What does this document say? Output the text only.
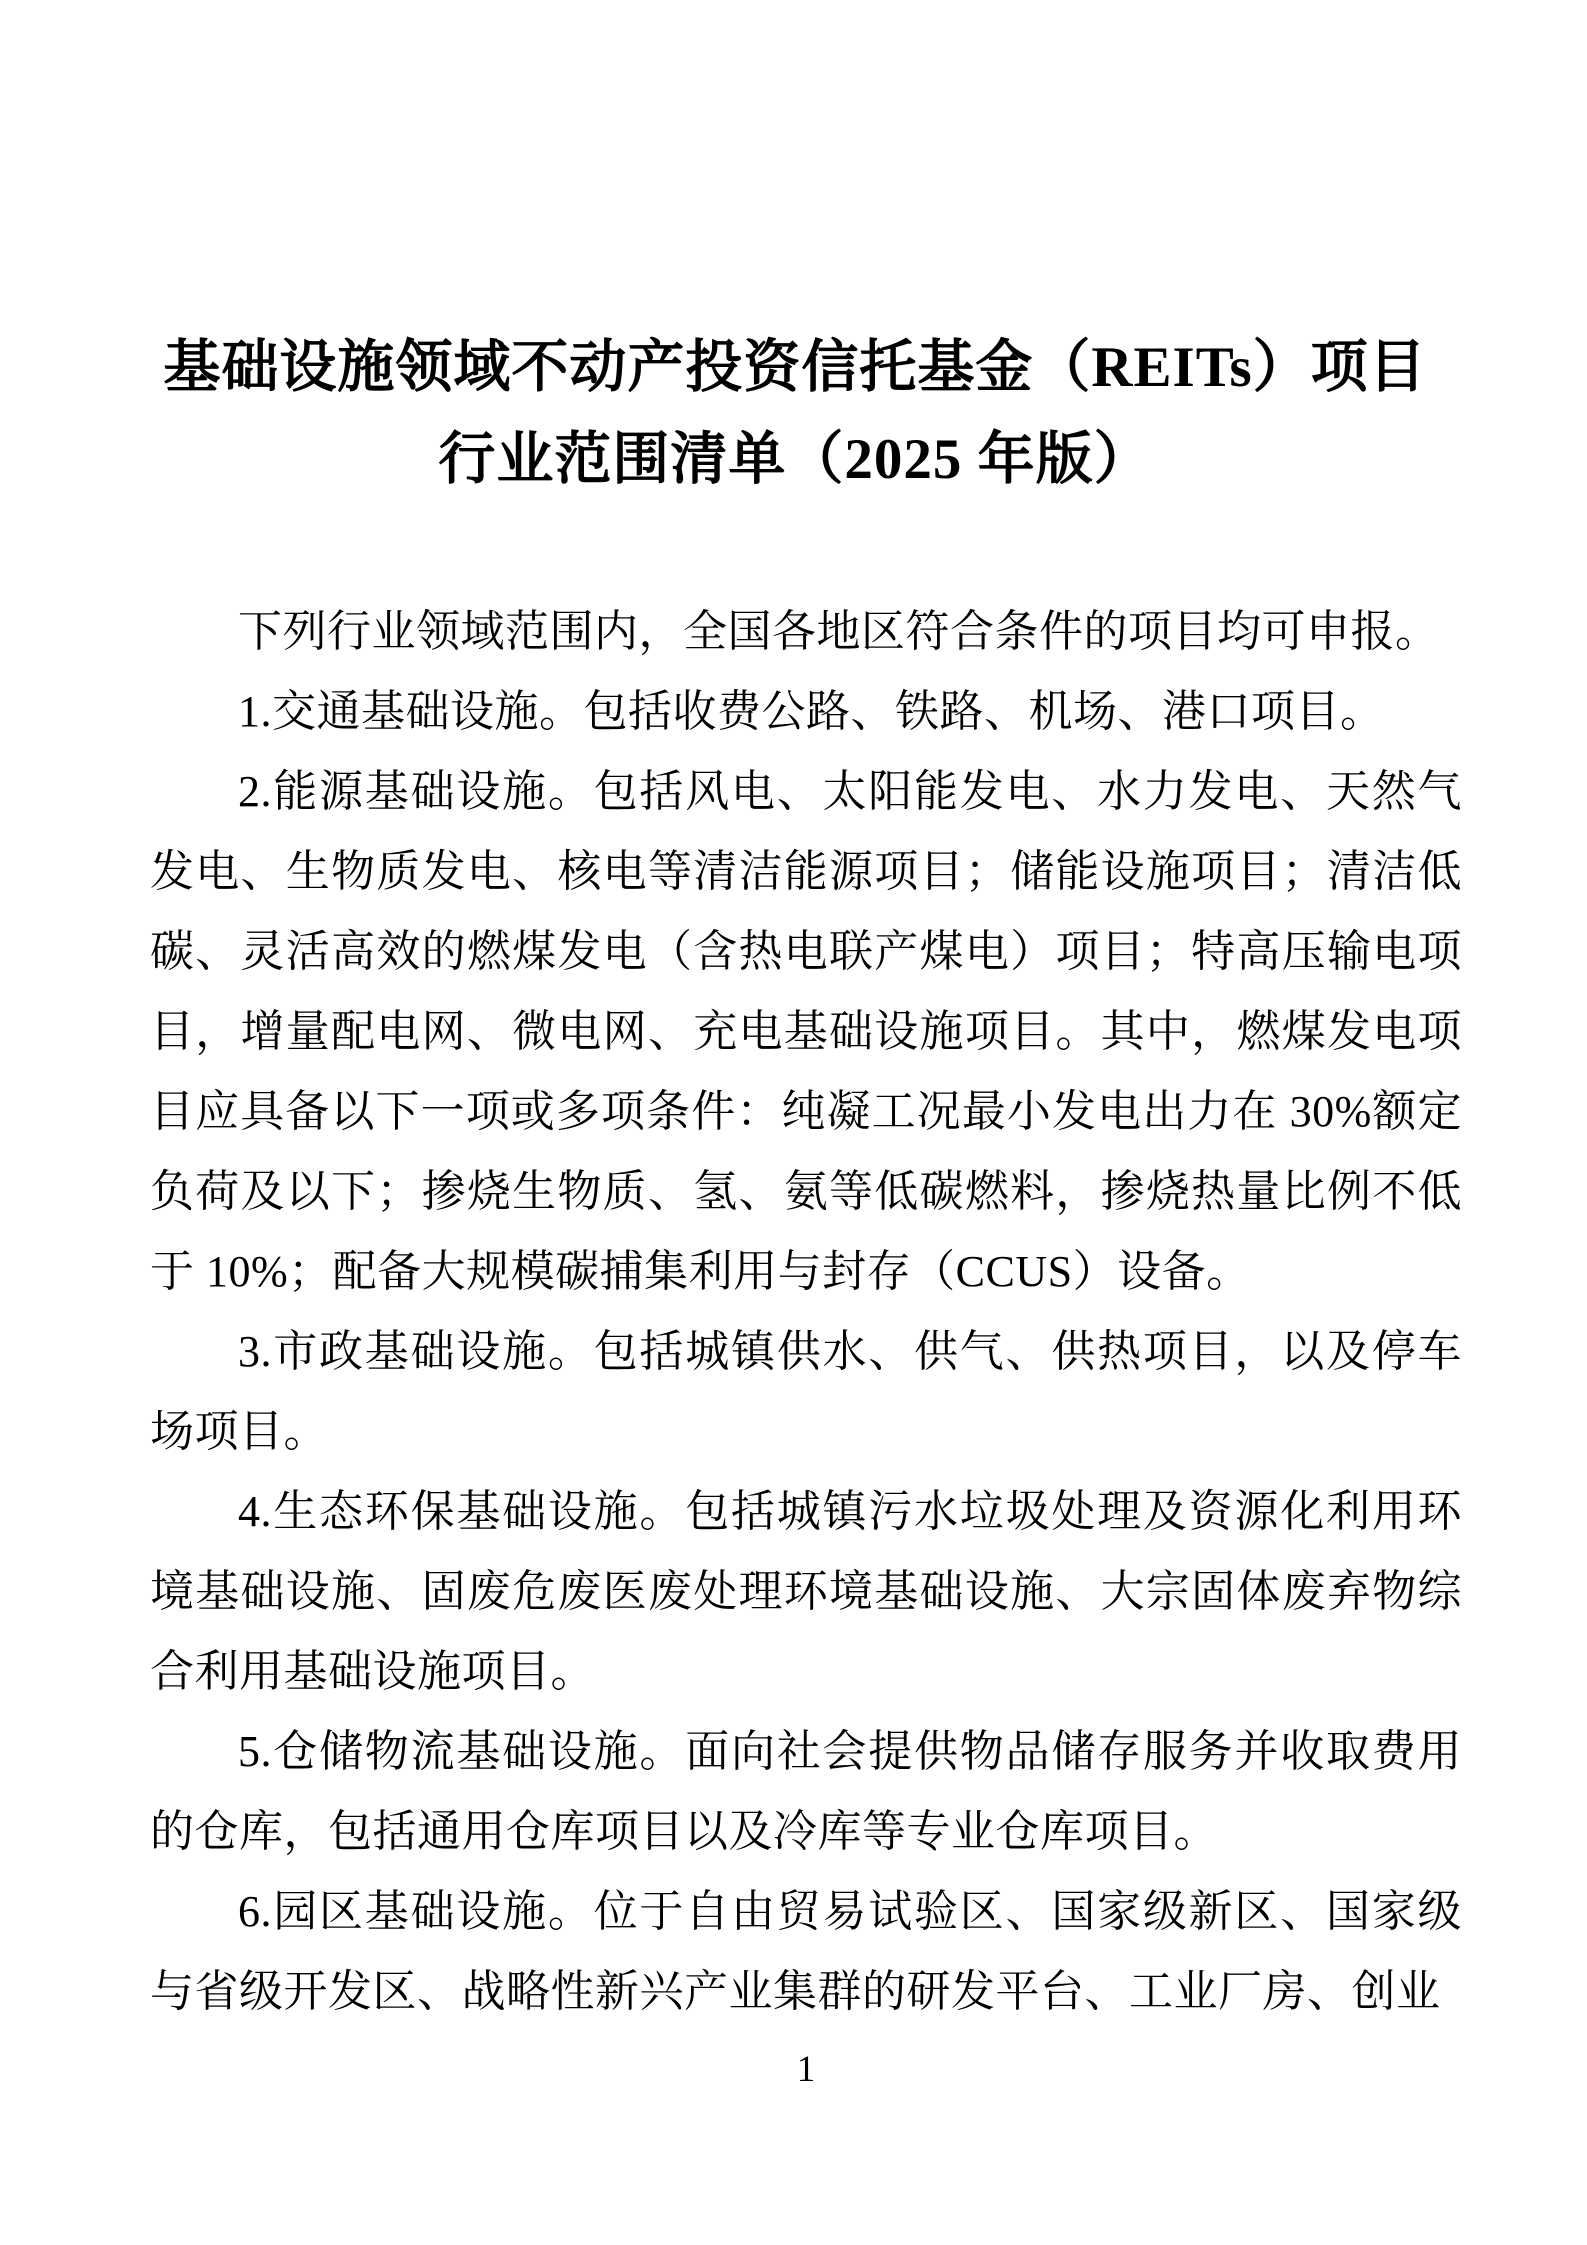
基础设施领域不动产投资信托基金（REITs）项目
行业范围清单（2025 年版）

下列行业领域范围内，全国各地区符合条件的项目均可申报。

1.交通基础设施。包括收费公路、铁路、机场、港口项目。

2.能源基础设施。包括风电、太阳能发电、水力发电、天然气发电、生物质发电、核电等清洁能源项目；储能设施项目；清洁低碳、灵活高效的燃煤发电（含热电联产煤电）项目；特高压输电项目，增量配电网、微电网、充电基础设施项目。其中，燃煤发电项目应具备以下一项或多项条件：纯凝工况最小发电出力在 30%额定负荷及以下；掺烧生物质、氢、氨等低碳燃料，掺烧热量比例不低于 10%；配备大规模碳捕集利用与封存（CCUS）设备。

3.市政基础设施。包括城镇供水、供气、供热项目，以及停车场项目。

4.生态环保基础设施。包括城镇污水垃圾处理及资源化利用环境基础设施、固废危废医废处理环境基础设施、大宗固体废弃物综合利用基础设施项目。

5.仓储物流基础设施。面向社会提供物品储存服务并收取费用的仓库，包括通用仓库项目以及冷库等专业仓库项目。

6.园区基础设施。位于自由贸易试验区、国家级新区、国家级与省级开发区、战略性新兴产业集群的研发平台、工业厂房、创业

1
